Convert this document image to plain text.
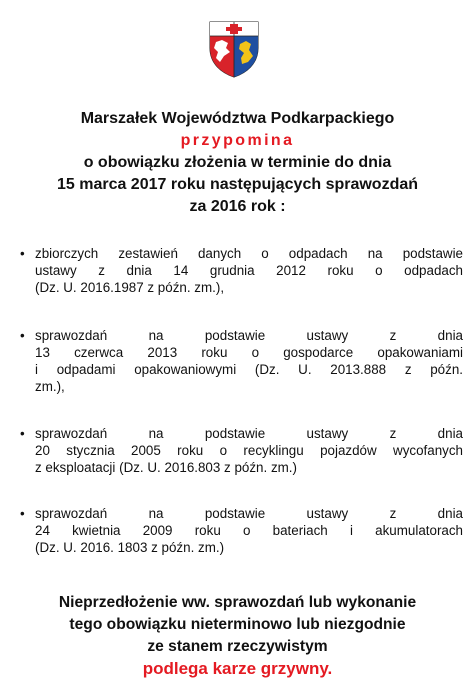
Marszałek Województwa Podkarpackiego
przypomina
o obowiązku złożenia w terminie do dnia
15 marca 2017 roku następujących sprawozdań
za 2016 rok :
• zbiorczych zestawień danych o odpadach na podstawie
ustawy z dnia 14 grudnia 2012 roku o odpadach
(Dz. U. 2016.1987 z późn. zm.),
• sprawozdań na podstawie ustawy z dnia
13 czerwca 2013 roku o gospodarce opakowaniami
i odpadami opakowaniowymi (Dz. U. 2013.888 z późn.
zm.),
• sprawozdań na podstawie ustawy z dnia
20 stycznia 2005 roku o recyklingu pojazdów wycofanych
z eksploatacji (Dz. U. 2016.803 z późn. zm.)
• sprawozdań na podstawie ustawy z dnia
24 kwietnia 2009 roku o bateriach i akumulatorach
(Dz. U. 2016. 1803 z późn. zm.)
Nieprzedłożenie ww. sprawozdań lub wykonanie
tego obowiązku nieterminowo lub niezgodnie
ze stanem rzeczywistym
podlega karze grzywny.
